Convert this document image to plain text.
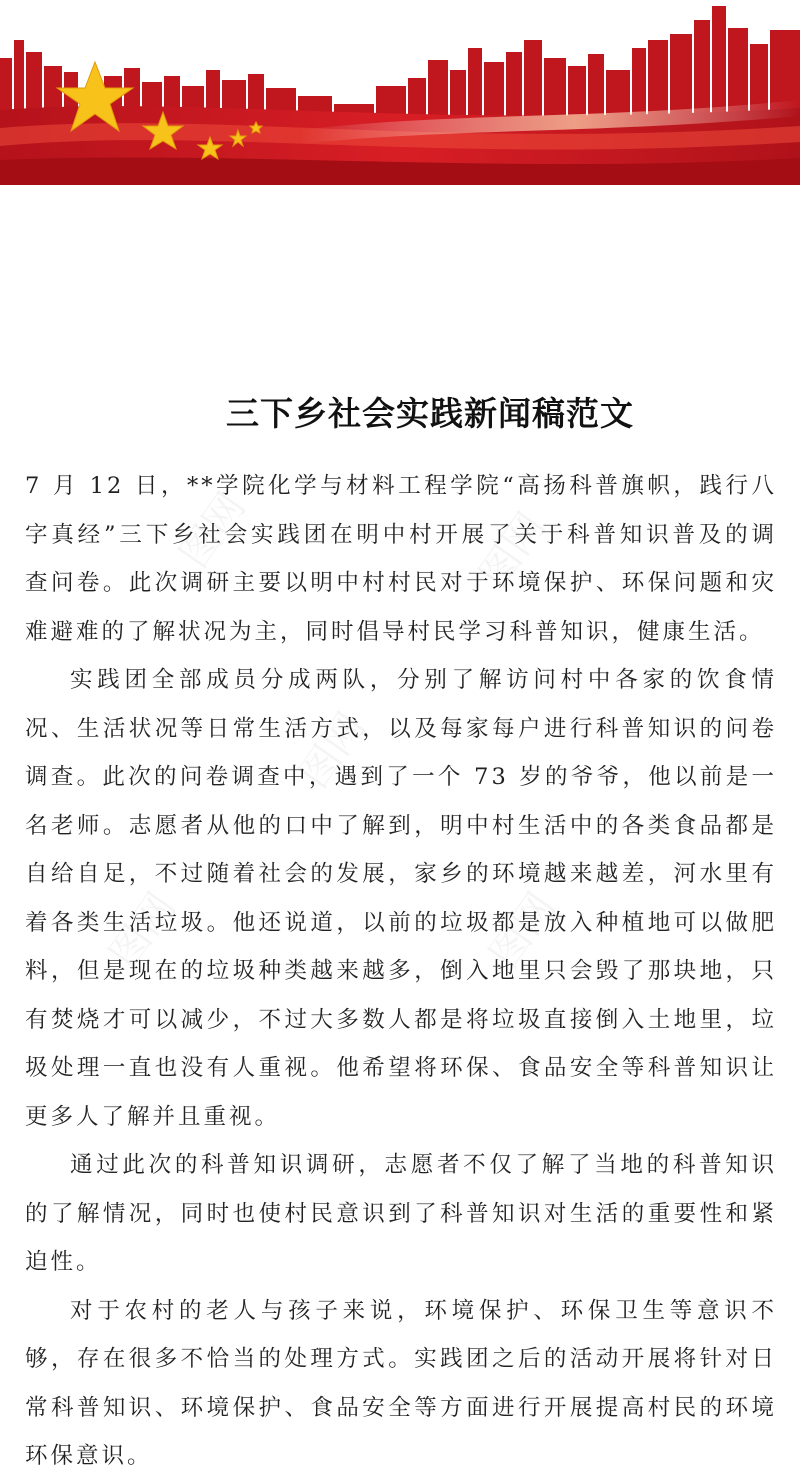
三下乡社会实践新闻稿范文

7 月 12 日，**学院化学与材料工程学院“高扬科普旗帜，践行八字真经”三下乡社会实践团在明中村开展了关于科普知识普及的调查问卷。此次调研主要以明中村村民对于环境保护、环保问题和灾难避难的了解状况为主，同时倡导村民学习科普知识，健康生活。

实践团全部成员分成两队，分别了解访问村中各家的饮食情况、生活状况等日常生活方式，以及每家每户进行科普知识的问卷调查。此次的问卷调查中，遇到了一个 73 岁的爷爷，他以前是一名老师。志愿者从他的口中了解到，明中村生活中的各类食品都是自给自足，不过随着社会的发展，家乡的环境越来越差，河水里有着各类生活垃圾。他还说道，以前的垃圾都是放入种植地可以做肥料，但是现在的垃圾种类越来越多，倒入地里只会毁了那块地，只有焚烧才可以减少，不过大多数人都是将垃圾直接倒入土地里，垃圾处理一直也没有人重视。他希望将环保、食品安全等科普知识让更多人了解并且重视。

通过此次的科普知识调研，志愿者不仅了解了当地的科普知识的了解情况，同时也使村民意识到了科普知识对生活的重要性和紧迫性。

对于农村的老人与孩子来说，环境保护、环保卫生等意识不够，存在很多不恰当的处理方式。实践团之后的活动开展将针对日常科普知识、环境保护、食品安全等方面进行开展提高村民的环境环保意识。
